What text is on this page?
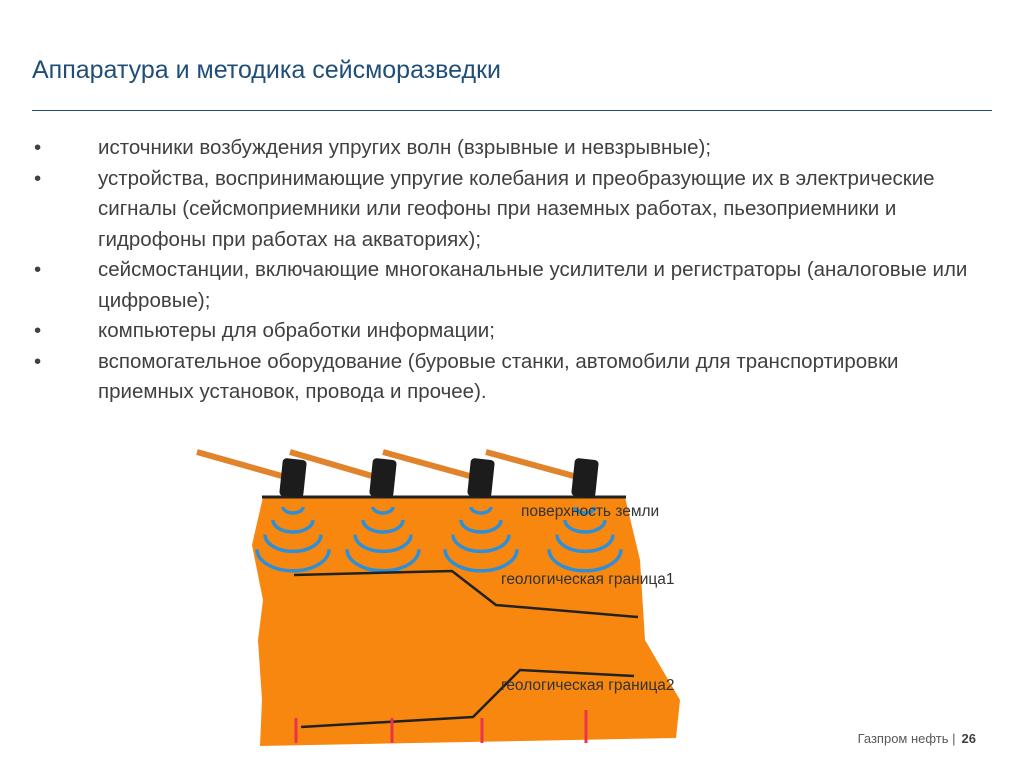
Аппаратура и методика сейсморазведки
•	источники возбуждения упругих волн (взрывные и невзрывные);
•	устройства, воспринимающие упругие колебания и преобразующие их в электрические сигналы (сейсмоприемники или геофоны при наземных работах, пьезоприемники и гидрофоны при работах на акваториях);
•	сейсмостанции, включающие многоканальные усилители и регистраторы (аналоговые или цифровые);
•	компьютеры для обработки информации;
•	вспомогательное оборудование (буровые станки, автомобили для транспортировки приемных установок, провода и прочее).
поверхность земли
геологическая граница1
геологическая граница2
Газпром нефть | 26
